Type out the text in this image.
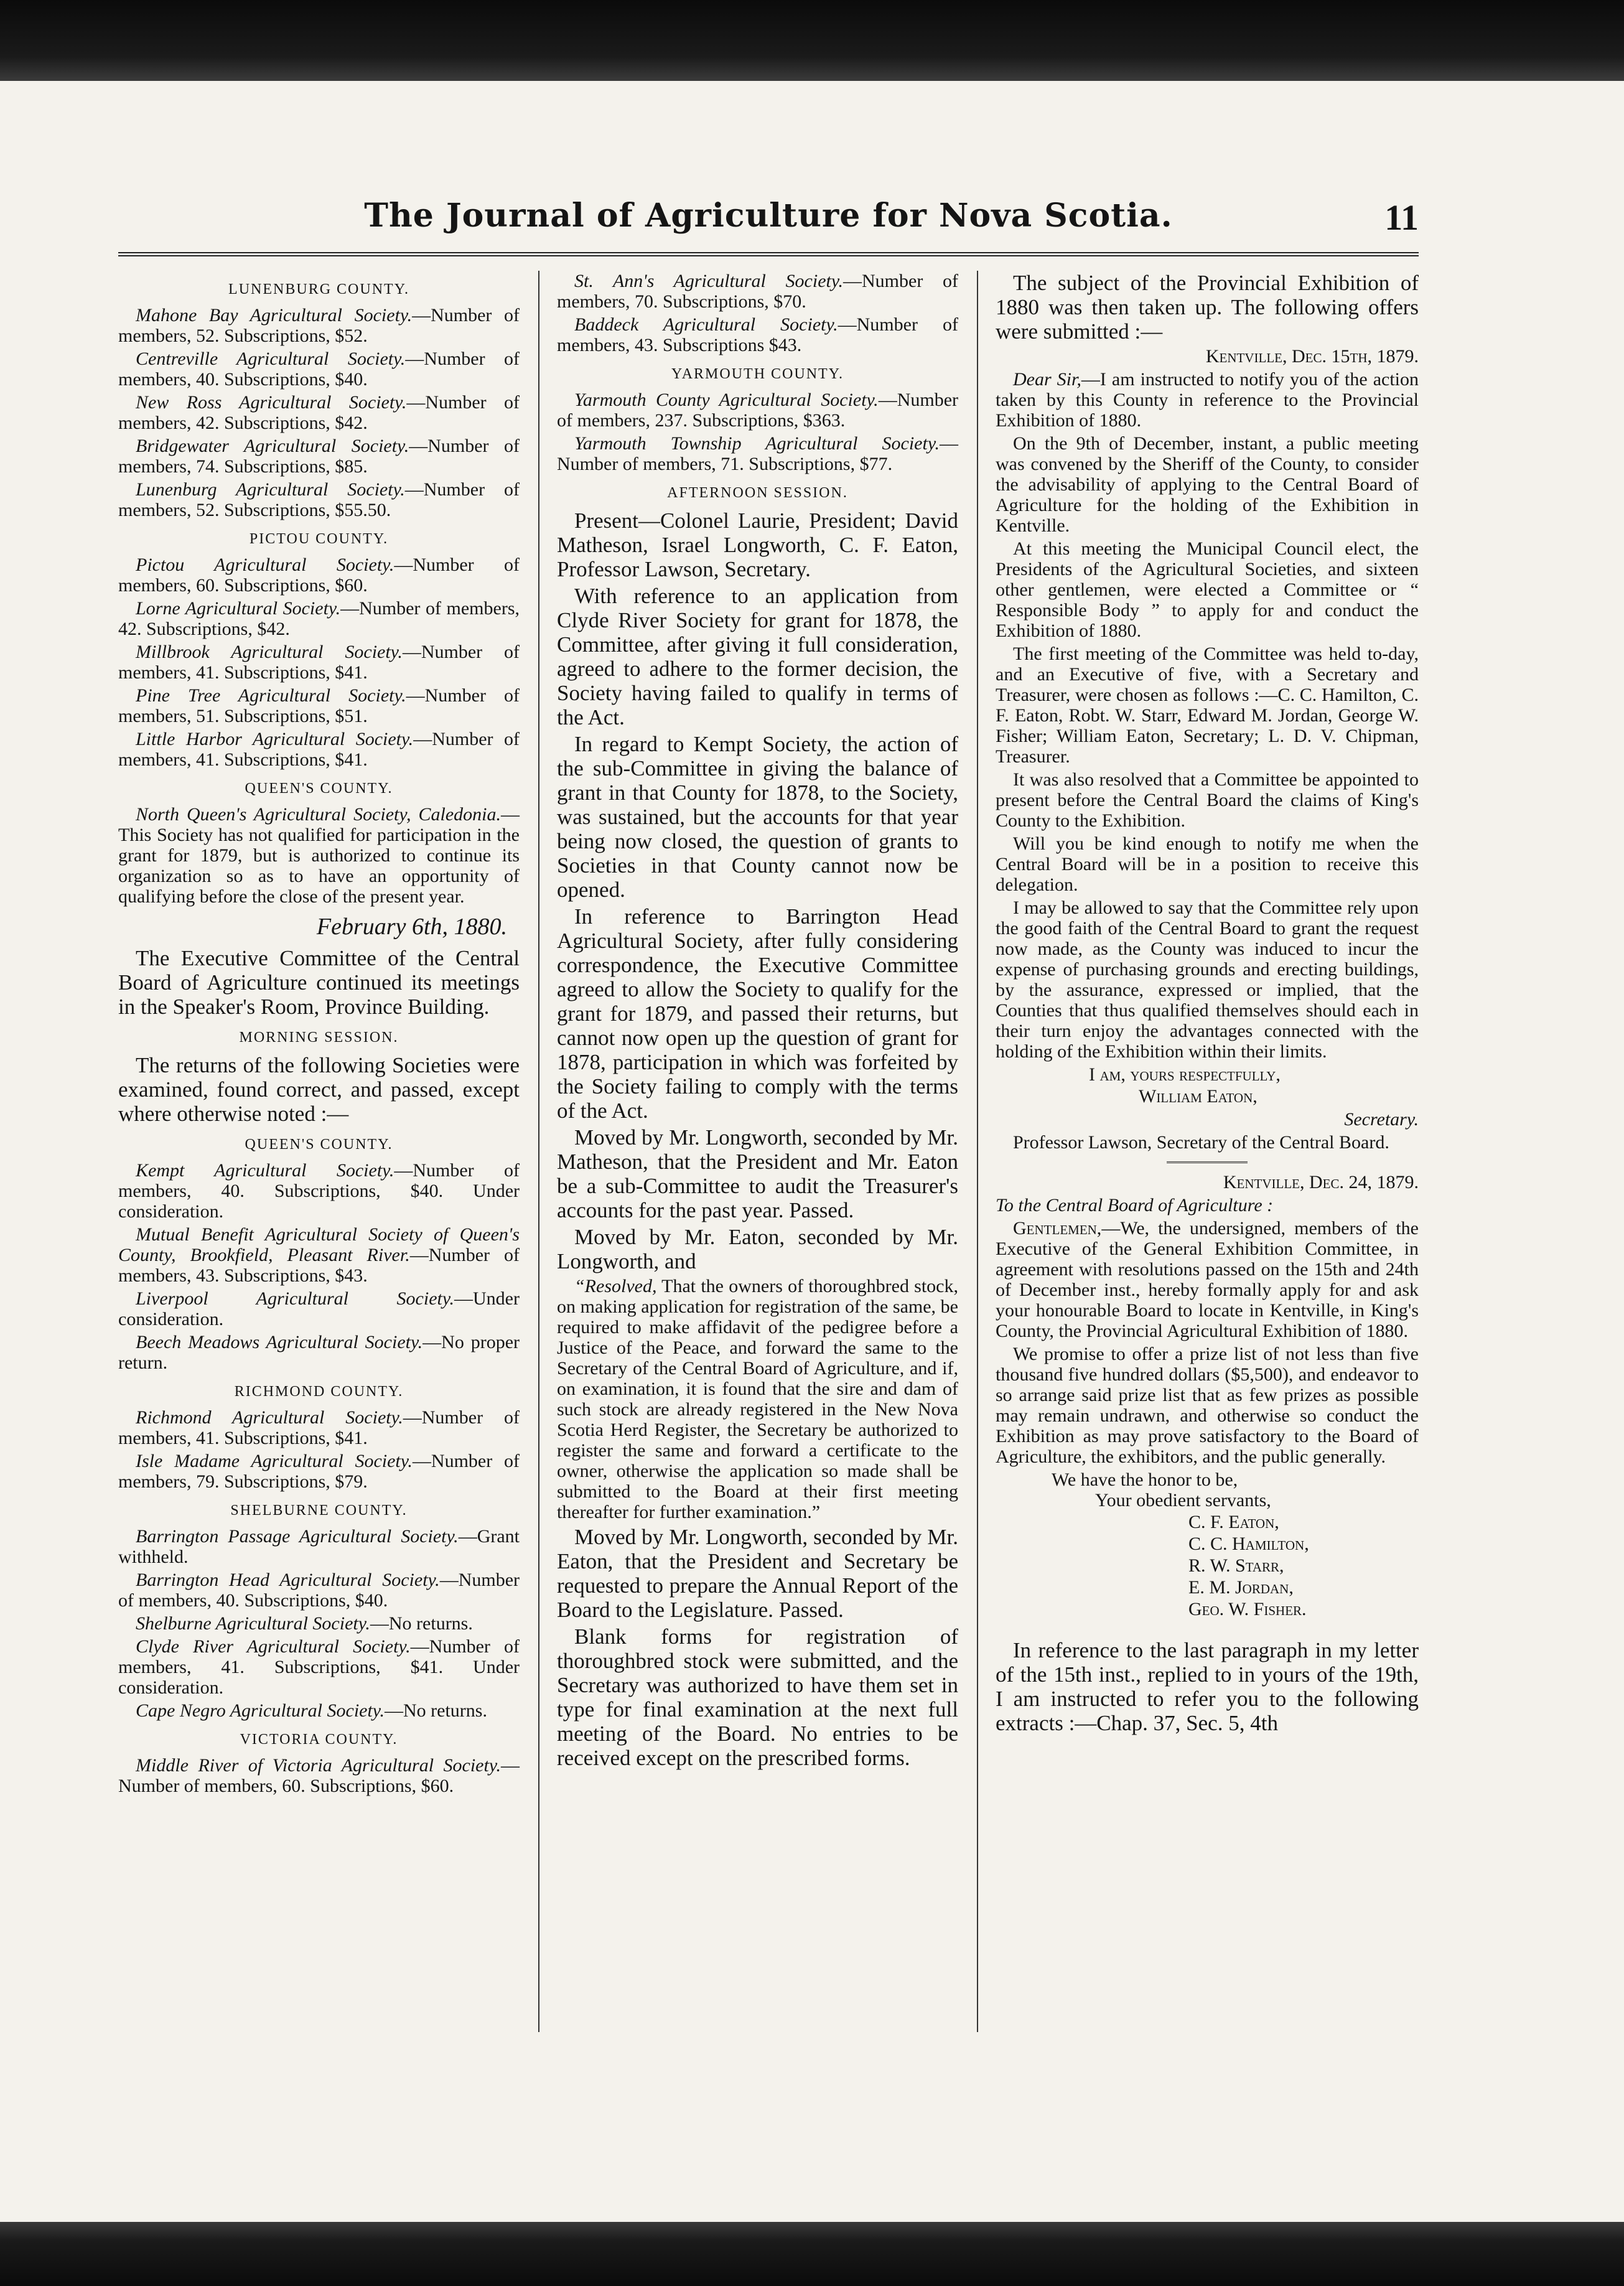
The Journal of Agriculture for Nova Scotia.	11
LUNENBURG COUNTY.

Mahone Bay Agricultural Society.—Number of members, 52. Subscriptions, $52.

Centreville Agricultural Society.—Number of members, 40. Subscriptions, $40.

New Ross Agricultural Society.—Number of members, 42. Subscriptions, $42.

Bridgewater Agricultural Society.—Number of members, 74. Subscriptions, $85.

Lunenburg Agricultural Society.—Number of members, 52. Subscriptions, $55.50.

PICTOU COUNTY.

Pictou Agricultural Society.—Number of members, 60. Subscriptions, $60.

Lorne Agricultural Society.—Number of members, 42. Subscriptions, $42.

Millbrook Agricultural Society.—Number of members, 41. Subscriptions, $41.

Pine Tree Agricultural Society.—Number of members, 51. Subscriptions, $51.

Little Harbor Agricultural Society.—Number of members, 41. Subscriptions, $41.

QUEEN'S COUNTY.

North Queen's Agricultural Society, Caledonia.—This Society has not qualified for participation in the grant for 1879, but is authorized to continue its organization so as to have an opportunity of qualifying before the close of the present year.

February 6th, 1880.

The Executive Committee of the Central Board of Agriculture continued its meetings in the Speaker's Room, Province Building.

MORNING SESSION.

The returns of the following Societies were examined, found correct, and passed, except where otherwise noted :—

QUEEN'S COUNTY.

Kempt Agricultural Society.—Number of members, 40. Subscriptions, $40. Under consideration.

Mutual Benefit Agricultural Society of Queen's County, Brookfield, Pleasant River.—Number of members, 43. Subscriptions, $43.

Liverpool Agricultural Society.—Under consideration.

Beech Meadows Agricultural Society.—No proper return.

RICHMOND COUNTY.

Richmond Agricultural Society.—Number of members, 41. Subscriptions, $41.

Isle Madame Agricultural Society.—Number of members, 79. Subscriptions, $79.

SHELBURNE COUNTY.

Barrington Passage Agricultural Society.—Grant withheld.

Barrington Head Agricultural Society.—Number of members, 40. Subscriptions, $40.

Shelburne Agricultural Society.—No returns.

Clyde River Agricultural Society.—Number of members, 41. Subscriptions, $41. Under consideration.

Cape Negro Agricultural Society.—No returns.

VICTORIA COUNTY.

Middle River of Victoria Agricultural Society.—Number of members, 60. Subscriptions, $60.

St. Ann's Agricultural Society.—Number of members, 70. Subscriptions, $70.

Baddeck Agricultural Society.—Number of members, 43. Subscriptions $43.

YARMOUTH COUNTY.

Yarmouth County Agricultural Society.—Number of members, 237. Subscriptions, $363.

Yarmouth Township Agricultural Society.—Number of members, 71. Subscriptions, $77.

AFTERNOON SESSION.

Present—Colonel Laurie, President; David Matheson, Israel Longworth, C. F. Eaton, Professor Lawson, Secretary.

With reference to an application from Clyde River Society for grant for 1878, the Committee, after giving it full consideration, agreed to adhere to the former decision, the Society having failed to qualify in terms of the Act.

In regard to Kempt Society, the action of the sub-Committee in giving the balance of grant in that County for 1878, to the Society, was sustained, but the accounts for that year being now closed, the question of grants to Societies in that County cannot now be opened.

In reference to Barrington Head Agricultural Society, after fully considering correspondence, the Executive Committee agreed to allow the Society to qualify for the grant for 1879, and passed their returns, but cannot now open up the question of grant for 1878, participation in which was forfeited by the Society failing to comply with the terms of the Act.

Moved by Mr. Longworth, seconded by Mr. Matheson, that the President and Mr. Eaton be a sub-Committee to audit the Treasurer's accounts for the past year. Passed.

Moved by Mr. Eaton, seconded by Mr. Longworth, and

“Resolved, That the owners of thoroughbred stock, on making application for registration of the same, be required to make affidavit of the pedigree before a Justice of the Peace, and forward the same to the Secretary of the Central Board of Agriculture, and if, on examination, it is found that the sire and dam of such stock are already registered in the New Nova Scotia Herd Register, the Secretary be authorized to register the same and forward a certificate to the owner, otherwise the application so made shall be submitted to the Board at their first meeting thereafter for further examination.”

Moved by Mr. Longworth, seconded by Mr. Eaton, that the President and Secretary be requested to prepare the Annual Report of the Board to the Legislature. Passed.

Blank forms for registration of thoroughbred stock were submitted, and the Secretary was authorized to have them set in type for final examination at the next full meeting of the Board. No entries to be received except on the prescribed forms.

The subject of the Provincial Exhibition of 1880 was then taken up. The following offers were submitted :—

Kentville, Dec. 15th, 1879.

Dear Sir,—I am instructed to notify you of the action taken by this County in reference to the Provincial Exhibition of 1880.

On the 9th of December, instant, a public meeting was convened by the Sheriff of the County, to consider the advisability of applying to the Central Board of Agriculture for the holding of the Exhibition in Kentville.

At this meeting the Municipal Council elect, the Presidents of the Agricultural Societies, and sixteen other gentlemen, were elected a Committee or “ Responsible Body ” to apply for and conduct the Exhibition of 1880.

The first meeting of the Committee was held to-day, and an Executive of five, with a Secretary and Treasurer, were chosen as follows :—C. C. Hamilton, C. F. Eaton, Robt. W. Starr, Edward M. Jordan, George W. Fisher; William Eaton, Secretary; L. D. V. Chipman, Treasurer.

It was also resolved that a Committee be appointed to present before the Central Board the claims of King's County to the Exhibition.

Will you be kind enough to notify me when the Central Board will be in a position to receive this delegation.

I may be allowed to say that the Committee rely upon the good faith of the Central Board to grant the request now made, as the County was induced to incur the expense of purchasing grounds and erecting buildings, by the assurance, expressed or implied, that the Counties that thus qualified themselves should each in their turn enjoy the advantages connected with the holding of the Exhibition within their limits.

I am, yours respectfully,
William Eaton,
Secretary.

Professor Lawson, Secretary of the Central Board.

Kentville, Dec. 24, 1879.

To the Central Board of Agriculture :

Gentlemen,—We, the undersigned, members of the Executive of the General Exhibition Committee, in agreement with resolutions passed on the 15th and 24th of December inst., hereby formally apply for and ask your honourable Board to locate in Kentville, in King's County, the Provincial Agricultural Exhibition of 1880.

We promise to offer a prize list of not less than five thousand five hundred dollars ($5,500), and endeavor to so arrange said prize list that as few prizes as possible may remain undrawn, and otherwise so conduct the Exhibition as may prove satisfactory to the Board of Agriculture, the exhibitors, and the public generally.

We have the honor to be,
Your obedient servants,
C. F. Eaton,
C. C. Hamilton,
R. W. Starr,
E. M. Jordan,
Geo. W. Fisher.

In reference to the last paragraph in my letter of the 15th inst., replied to in yours of the 19th, I am instructed to refer you to the following extracts :—Chap. 37, Sec. 5, 4th
